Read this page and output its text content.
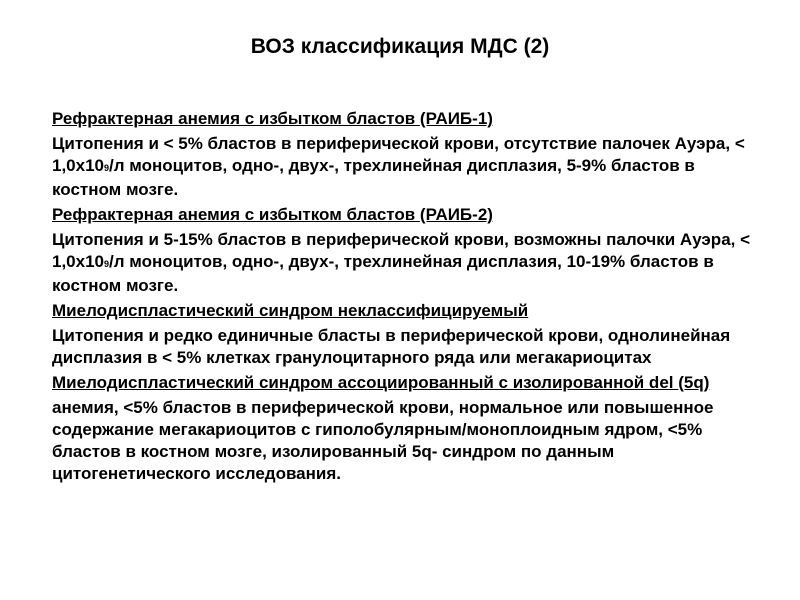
ВОЗ классификация МДС (2)
Рефрактерная анемия с избытком бластов (РАИБ-1)
Цитопения и < 5% бластов в периферической крови, отсутствие палочек Ауэра, < 1,0х109/л моноцитов, одно-, двух-, трехлинейная дисплазия, 5-9% бластов в костном мозге.
Рефрактерная анемия с избытком бластов (РАИБ-2)
Цитопения и 5-15% бластов в периферической крови, возможны палочки Ауэра, < 1,0х109/л моноцитов, одно-, двух-, трехлинейная дисплазия, 10-19% бластов в костном мозге.
Миелодиспластический синдром неклассифицируемый
Цитопения и редко единичные бласты в периферической крови, однолинейная дисплазия в < 5% клетках гранулоцитарного ряда или мегакариоцитах
Миелодиспластический синдром ассоциированный с изолированной del (5q)
анемия, <5% бластов в периферической крови, нормальное или повышенное содержание мегакариоцитов с гиполобулярным/моноплоидным ядром, <5% бластов в костном мозге, изолированный 5q- синдром по данным цитогенетического исследования.
